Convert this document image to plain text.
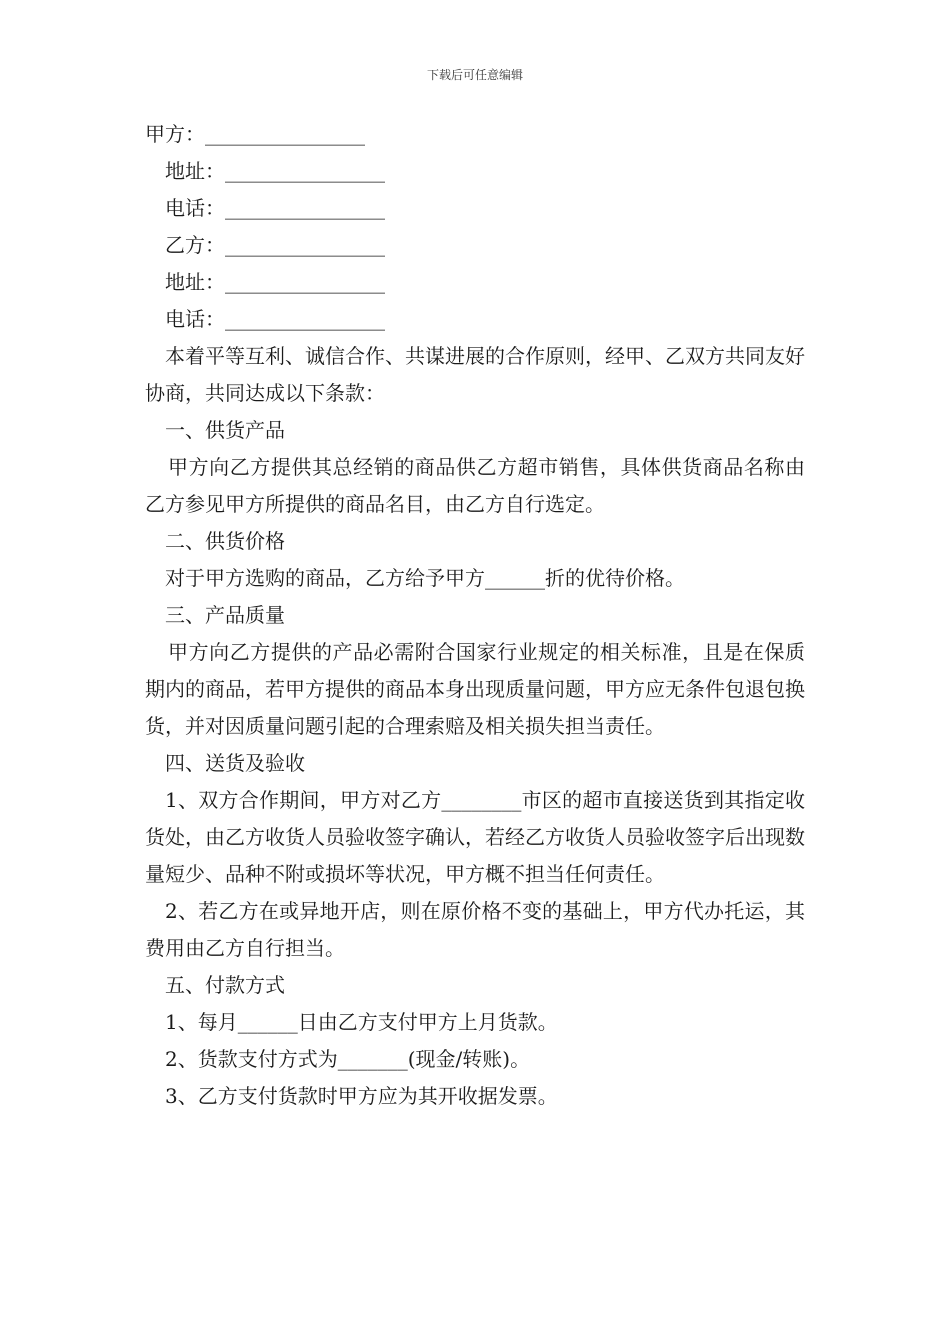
下载后可任意编辑

甲方：________________

地址：________________

电话：________________

乙方：________________

地址：________________

电话：________________

本着平等互利、诚信合作、共谋进展的合作原则，经甲、乙双方共同友好协商，共同达成以下条款：

一、供货产品

甲方向乙方提供其总经销的商品供乙方超市销售，具体供货商品名称由乙方参见甲方所提供的商品名目，由乙方自行选定。

二、供货价格

对于甲方选购的商品，乙方给予甲方______折的优待价格。

三、产品质量

甲方向乙方提供的产品必需附合国家行业规定的相关标准，且是在保质期内的商品，若甲方提供的商品本身出现质量问题，甲方应无条件包退包换货，并对因质量问题引起的合理索赔及相关损失担当责任。

四、送货及验收

1、双方合作期间，甲方对乙方________市区的超市直接送货到其指定收货处，由乙方收货人员验收签字确认，若经乙方收货人员验收签字后出现数量短少、品种不附或损坏等状况，甲方概不担当任何责任。

2、若乙方在或异地开店，则在原价格不变的基础上，甲方代办托运，其费用由乙方自行担当。

五、付款方式

1、每月______日由乙方支付甲方上月货款。

2、货款支付方式为_______(现金/转账)。

3、乙方支付货款时甲方应为其开收据发票。
